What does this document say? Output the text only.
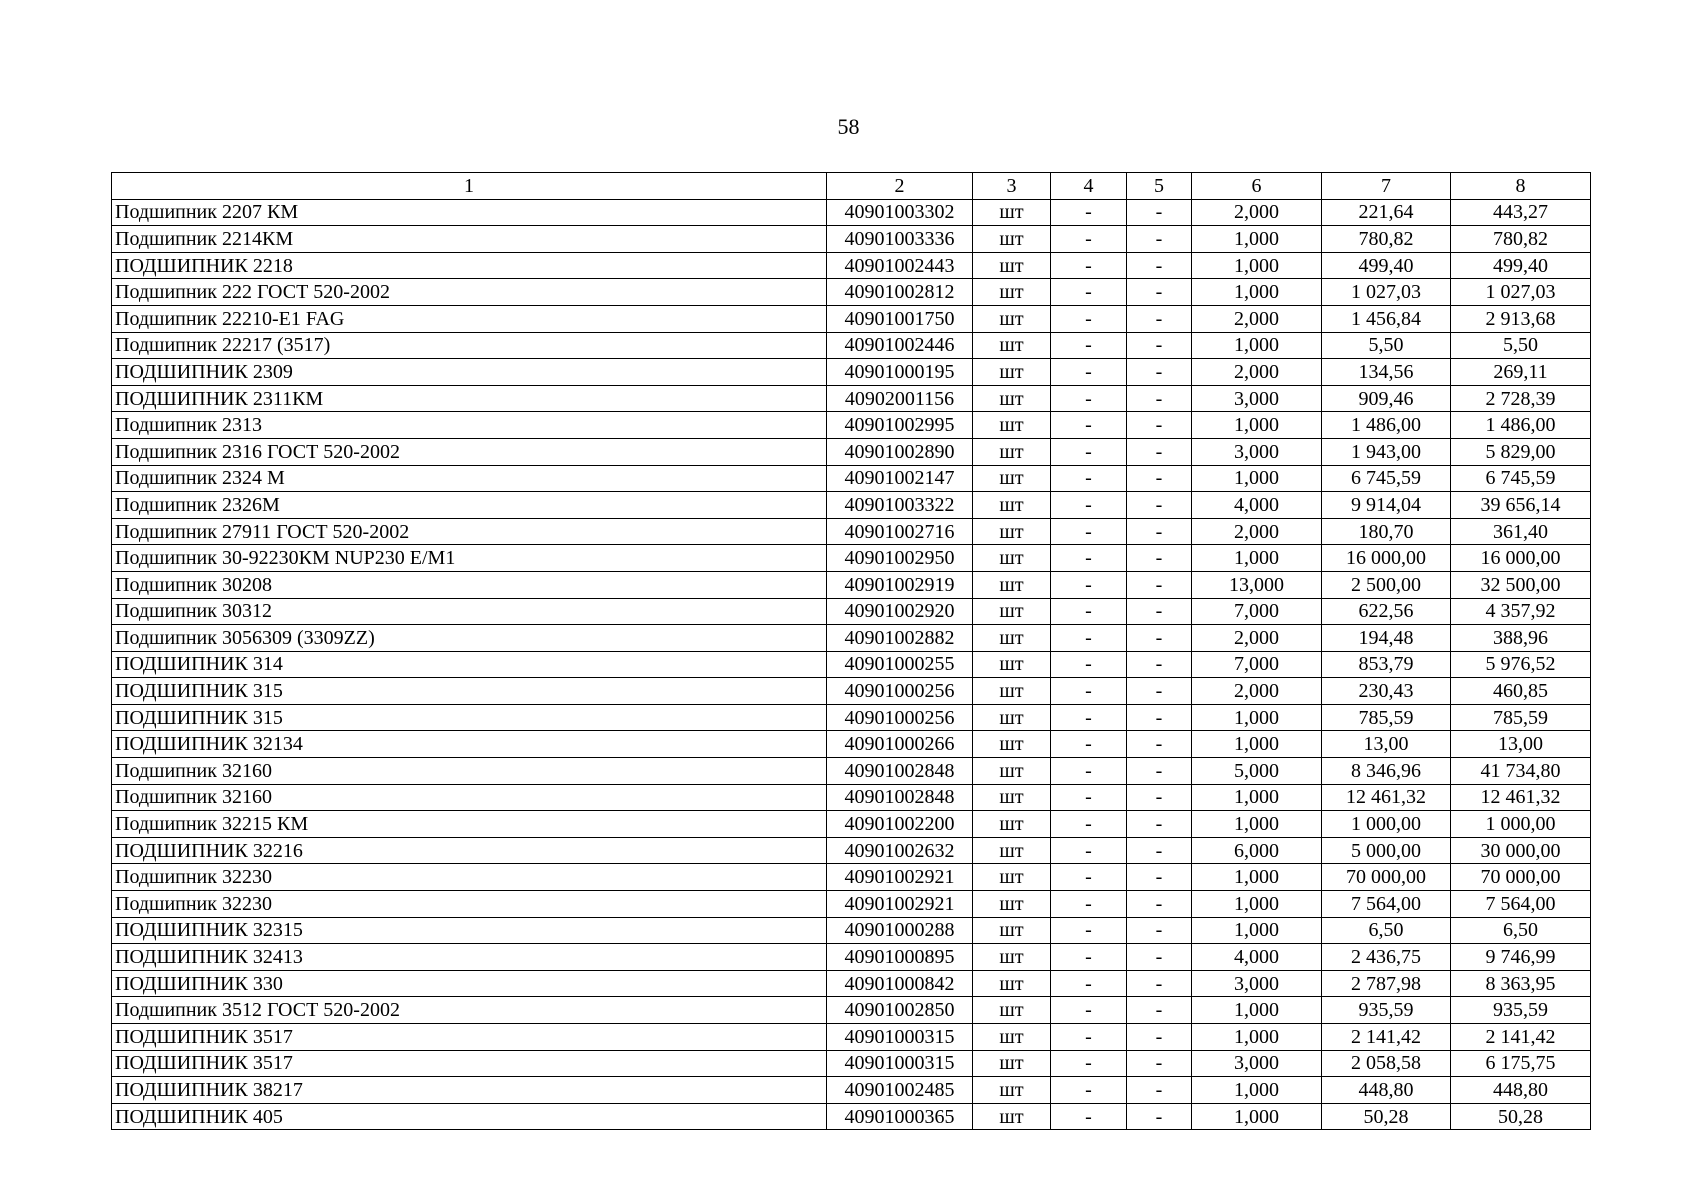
58
1	2	3	4	5	6	7	8
Подшипник 2207 КМ	40901003302	шт	-	-	2,000	221,64	443,27
Подшипник 2214КМ	40901003336	шт	-	-	1,000	780,82	780,82
ПОДШИПНИК 2218	40901002443	шт	-	-	1,000	499,40	499,40
Подшипник 222 ГОСТ 520-2002	40901002812	шт	-	-	1,000	1 027,03	1 027,03
Подшипник 22210-E1 FAG	40901001750	шт	-	-	2,000	1 456,84	2 913,68
Подшипник 22217 (3517)	40901002446	шт	-	-	1,000	5,50	5,50
ПОДШИПНИК 2309	40901000195	шт	-	-	2,000	134,56	269,11
ПОДШИПНИК 2311КМ	40902001156	шт	-	-	3,000	909,46	2 728,39
Подшипник 2313	40901002995	шт	-	-	1,000	1 486,00	1 486,00
Подшипник 2316 ГОСТ 520-2002	40901002890	шт	-	-	3,000	1 943,00	5 829,00
Подшипник 2324 М	40901002147	шт	-	-	1,000	6 745,59	6 745,59
Подшипник 2326М	40901003322	шт	-	-	4,000	9 914,04	39 656,14
Подшипник 27911 ГОСТ 520-2002	40901002716	шт	-	-	2,000	180,70	361,40
Подшипник 30-92230КМ NUP230 E/M1	40901002950	шт	-	-	1,000	16 000,00	16 000,00
Подшипник 30208	40901002919	шт	-	-	13,000	2 500,00	32 500,00
Подшипник 30312	40901002920	шт	-	-	7,000	622,56	4 357,92
Подшипник 3056309 (3309ZZ)	40901002882	шт	-	-	2,000	194,48	388,96
ПОДШИПНИК 314	40901000255	шт	-	-	7,000	853,79	5 976,52
ПОДШИПНИК 315	40901000256	шт	-	-	2,000	230,43	460,85
ПОДШИПНИК 315	40901000256	шт	-	-	1,000	785,59	785,59
ПОДШИПНИК 32134	40901000266	шт	-	-	1,000	13,00	13,00
Подшипник 32160	40901002848	шт	-	-	5,000	8 346,96	41 734,80
Подшипник 32160	40901002848	шт	-	-	1,000	12 461,32	12 461,32
Подшипник 32215 КМ	40901002200	шт	-	-	1,000	1 000,00	1 000,00
ПОДШИПНИК 32216	40901002632	шт	-	-	6,000	5 000,00	30 000,00
Подшипник 32230	40901002921	шт	-	-	1,000	70 000,00	70 000,00
Подшипник 32230	40901002921	шт	-	-	1,000	7 564,00	7 564,00
ПОДШИПНИК 32315	40901000288	шт	-	-	1,000	6,50	6,50
ПОДШИПНИК 32413	40901000895	шт	-	-	4,000	2 436,75	9 746,99
ПОДШИПНИК 330	40901000842	шт	-	-	3,000	2 787,98	8 363,95
Подшипник 3512 ГОСТ 520-2002	40901002850	шт	-	-	1,000	935,59	935,59
ПОДШИПНИК 3517	40901000315	шт	-	-	1,000	2 141,42	2 141,42
ПОДШИПНИК 3517	40901000315	шт	-	-	3,000	2 058,58	6 175,75
ПОДШИПНИК 38217	40901002485	шт	-	-	1,000	448,80	448,80
ПОДШИПНИК 405	40901000365	шт	-	-	1,000	50,28	50,28
